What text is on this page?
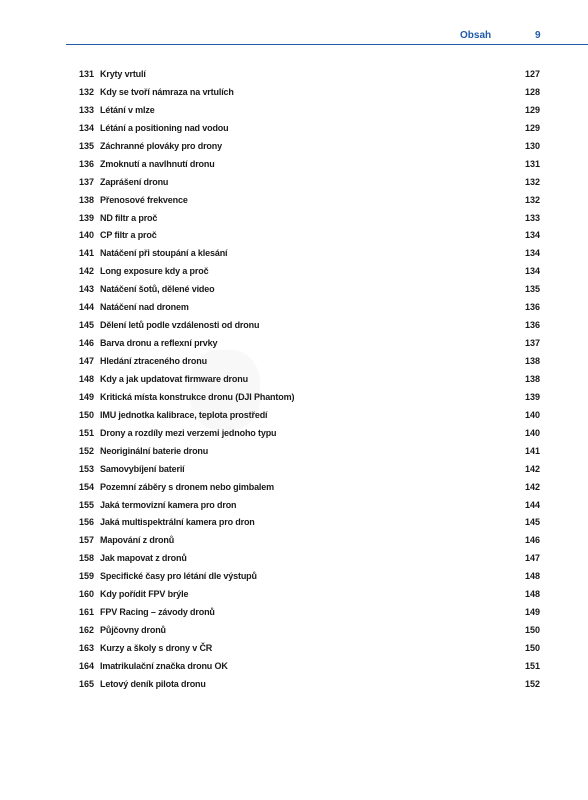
Obsah	9
131 Kryty vrtulí	127
132 Kdy se tvoří námraza na vrtulích	128
133 Létání v mlze	129
134 Létání a positioning nad vodou	129
135 Záchranné plováky pro drony	130
136 Zmoknutí a navlhnutí dronu	131
137 Zaprášení dronu	132
138 Přenosové frekvence	132
139 ND filtr a proč	133
140 CP filtr a proč	134
141 Natáčení při stoupání a klesání	134
142 Long exposure kdy a proč	134
143 Natáčení šotů, dělené video	135
144 Natáčení nad dronem	136
145 Dělení letů podle vzdálenosti od dronu	136
146 Barva dronu a reflexní prvky	137
147 Hledání ztraceného dronu	138
148 Kdy a jak updatovat firmware dronu	138
149 Kritická místa konstrukce dronu (DJI Phantom)	139
150 IMU jednotka kalibrace, teplota prostředí	140
151 Drony a rozdíly mezi verzemi jednoho typu	140
152 Neoriginální baterie dronu	141
153 Samovybíjení baterií	142
154 Pozemní záběry s dronem nebo gimbalem	142
155 Jaká termovizní kamera pro dron	144
156 Jaká multispektrální kamera pro dron	145
157 Mapování z dronů	146
158 Jak mapovat z dronů	147
159 Specifické časy pro létání dle výstupů	148
160 Kdy pořídit FPV brýle	148
161 FPV Racing – závody dronů	149
162 Půjčovny dronů	150
163 Kurzy a školy s drony v ČR	150
164 Imatrikulační značka dronu OK	151
165 Letový deník pilota dronu	152
